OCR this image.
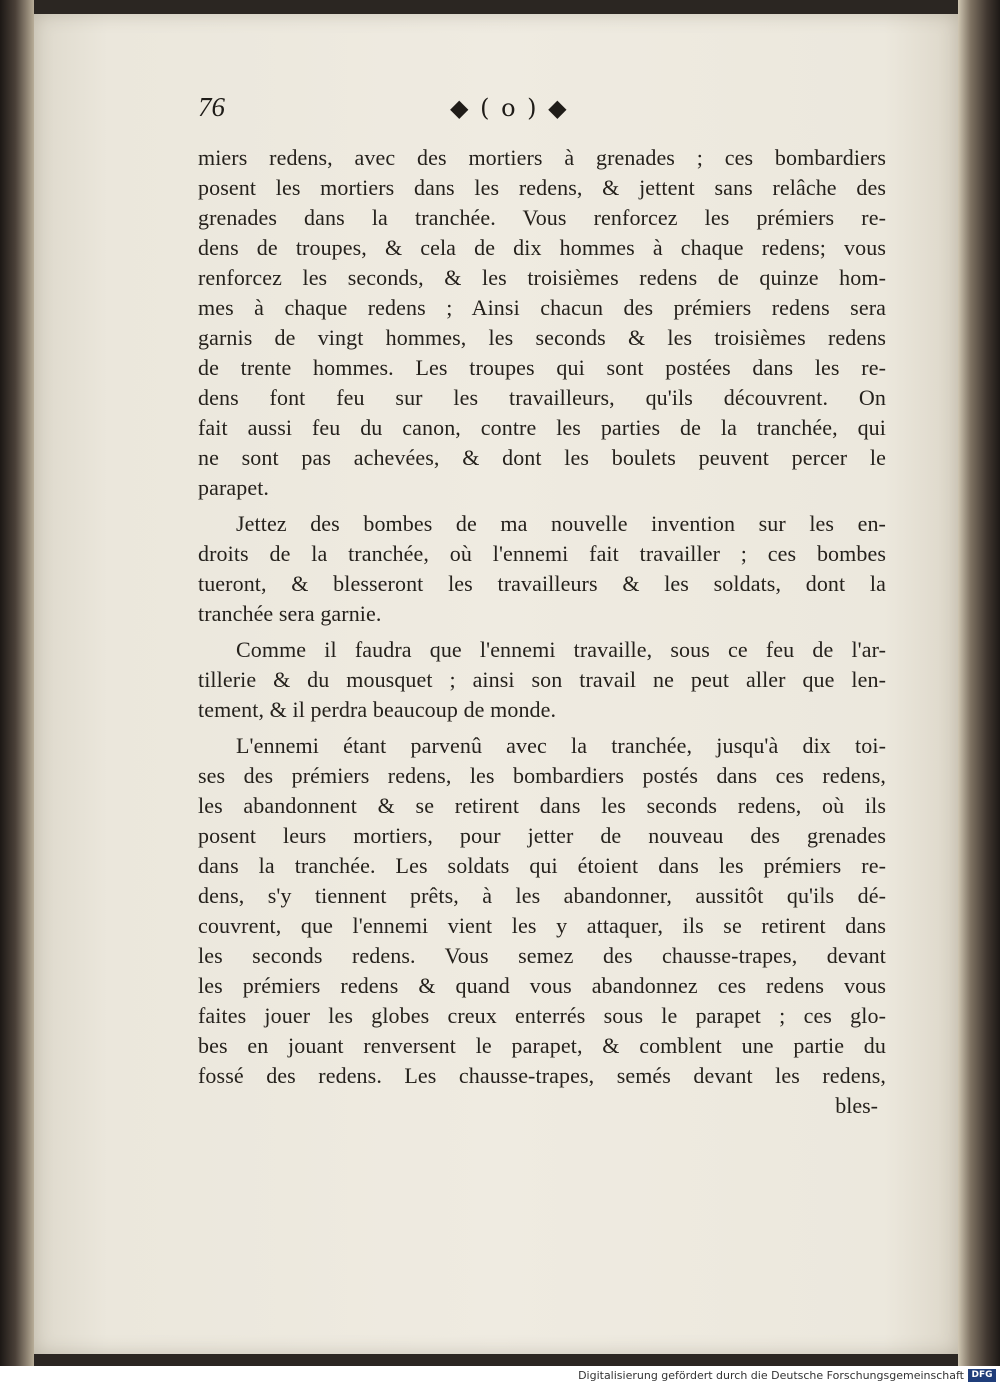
76	◆ ( o ) ◆
miers redens, avec des mortiers à grenades ; ces bombardiers
posent les mortiers dans les redens, & jettent sans relâche des
grenades dans la tranchée. Vous renforcez les prémiers re-
dens de troupes, & cela de dix hommes à chaque redens; vous
renforcez les seconds, & les troisièmes redens de quinze hom-
mes à chaque redens ; Ainsi chacun des prémiers redens sera
garnis de vingt hommes, les seconds & les troisièmes redens
de trente hommes. Les troupes qui sont postées dans les re-
dens font feu sur les travailleurs, qu'ils découvrent. On
fait aussi feu du canon, contre les parties de la tranchée, qui
ne sont pas achevées, & dont les boulets peuvent percer le
parapet.
Jettez des bombes de ma nouvelle invention sur les en-
droits de la tranchée, où l'ennemi fait travailler ; ces bombes
tueront, & blesseront les travailleurs & les soldats, dont la
tranchée sera garnie.
Comme il faudra que l'ennemi travaille, sous ce feu de l'ar-
tillerie & du mousquet ; ainsi son travail ne peut aller que len-
tement, & il perdra beaucoup de monde.
L'ennemi étant parvenû avec la tranchée, jusqu'à dix toi-
ses des prémiers redens, les bombardiers postés dans ces redens,
les abandonnent & se retirent dans les seconds redens, où ils
posent leurs mortiers, pour jetter de nouveau des grenades
dans la tranchée. Les soldats qui étoient dans les prémiers re-
dens, s'y tiennent prêts, à les abandonner, aussitôt qu'ils dé-
couvrent, que l'ennemi vient les y attaquer, ils se retirent dans
les seconds redens. Vous semez des chausse-trapes, devant
les prémiers redens & quand vous abandonnez ces redens vous
faites jouer les globes creux enterrés sous le parapet ; ces glo-
bes en jouant renversent le parapet, & comblent une partie du
fossé des redens. Les chausse-trapes, semés devant les redens,
bles-
Digitalisierung gefördert durch die Deutsche Forschungsgemeinschaft DFG
